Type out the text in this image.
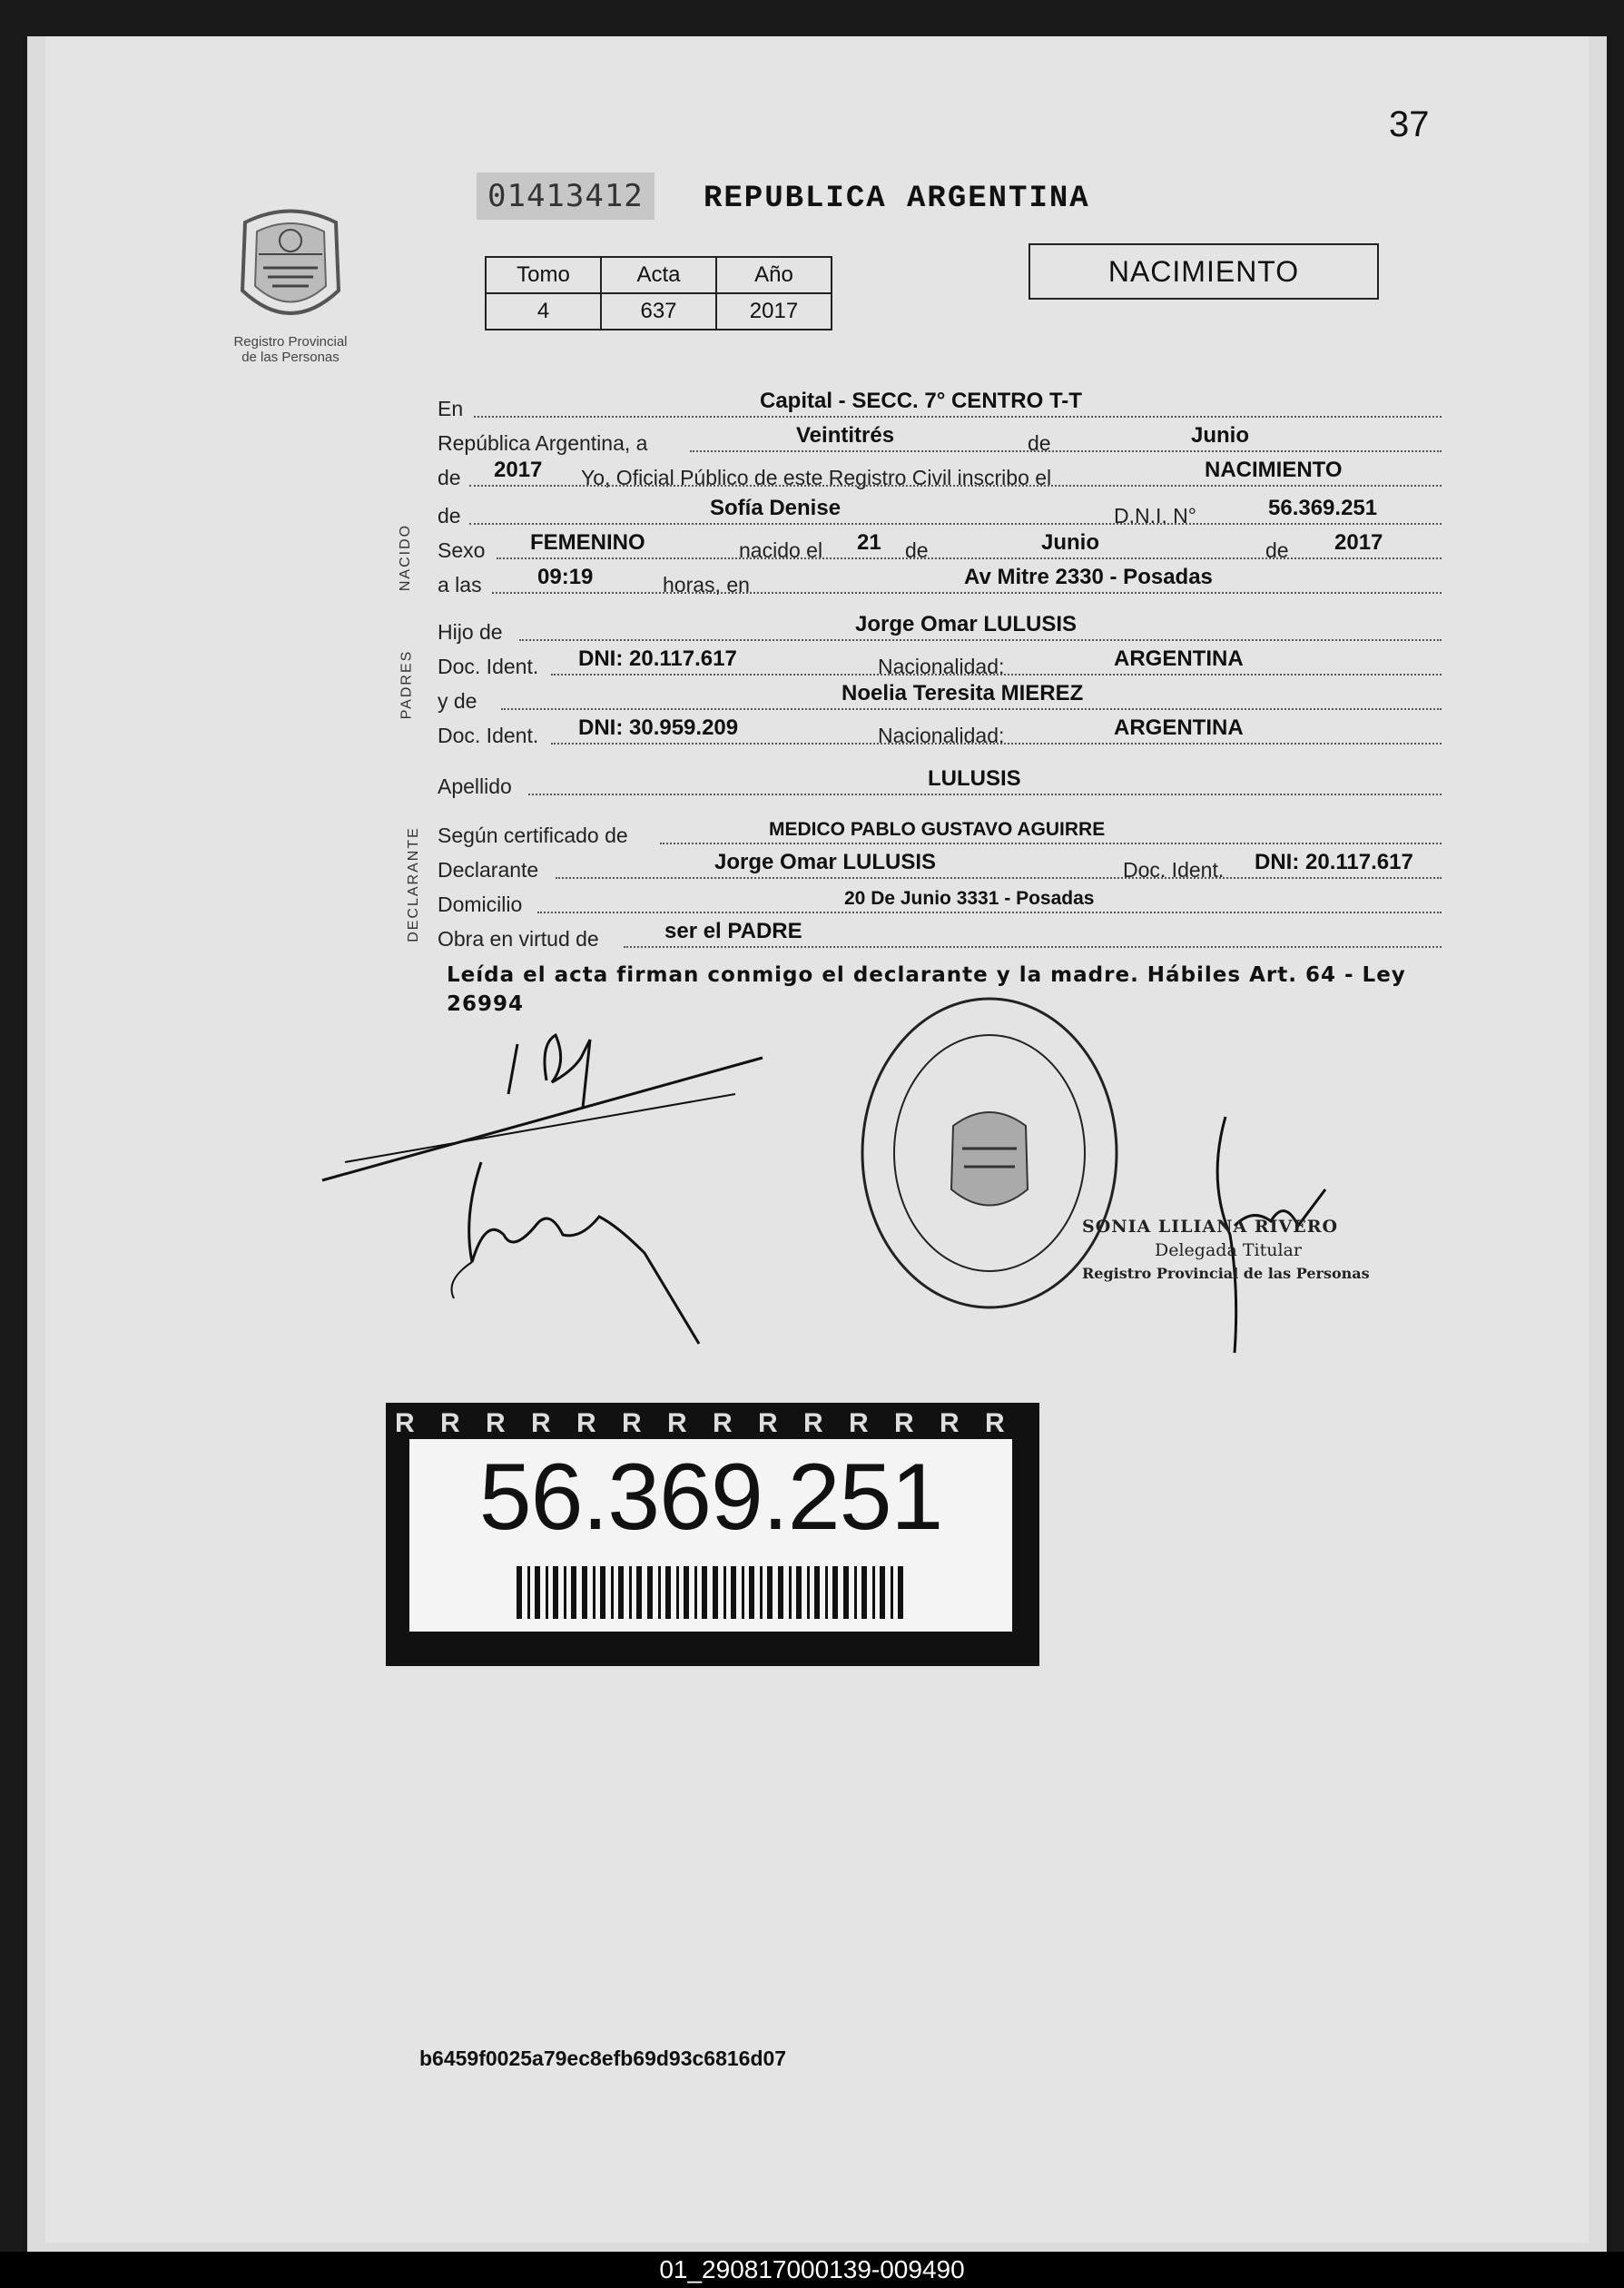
37
01413412	REPUBLICA ARGENTINA
Registro Provincial
de las Personas
Tomo	Acta	Año
4	637	2017
NACIMIENTO
En	Capital - SECC. 7° CENTRO T-T
República Argentina, a	Veintitrés	de	Junio
de 2017 Yo, Oficial Público de este Registro Civil inscribo el	NACIMIENTO
de	Sofía Denise	D.N.I. N°	56.369.251
Sexo FEMENINO	nacido el 21 de	Junio	de 2017
a las	09:19	horas, en	Av Mitre 2330 - Posadas
Hijo de	Jorge Omar LULUSIS
Doc. Ident. DNI: 20.117.617	Nacionalidad:	ARGENTINA
y de	Noelia Teresita MIEREZ
Doc. Ident. DNI: 30.959.209	Nacionalidad:	ARGENTINA
Apellido	LULUSIS
Según certificado de	MEDICO PABLO GUSTAVO AGUIRRE
Declarante	Jorge Omar LULUSIS	Doc. Ident. DNI: 20.117.617
Domicilio	20 De Junio 3331 - Posadas
Obra en virtud de	ser el PADRE
NACIDO
PADRES
DECLARANTE
Leída el acta firman conmigo el declarante y la madre. Hábiles Art. 64 - Ley 26994
SONIA LILIANA RIVERO
Delegada Titular
Registro Provincial de las Personas
R R R R R R R R R R R R R R
56.369.251
b6459f0025a79ec8efb69d93c6816d07
01_290817000139-009490
